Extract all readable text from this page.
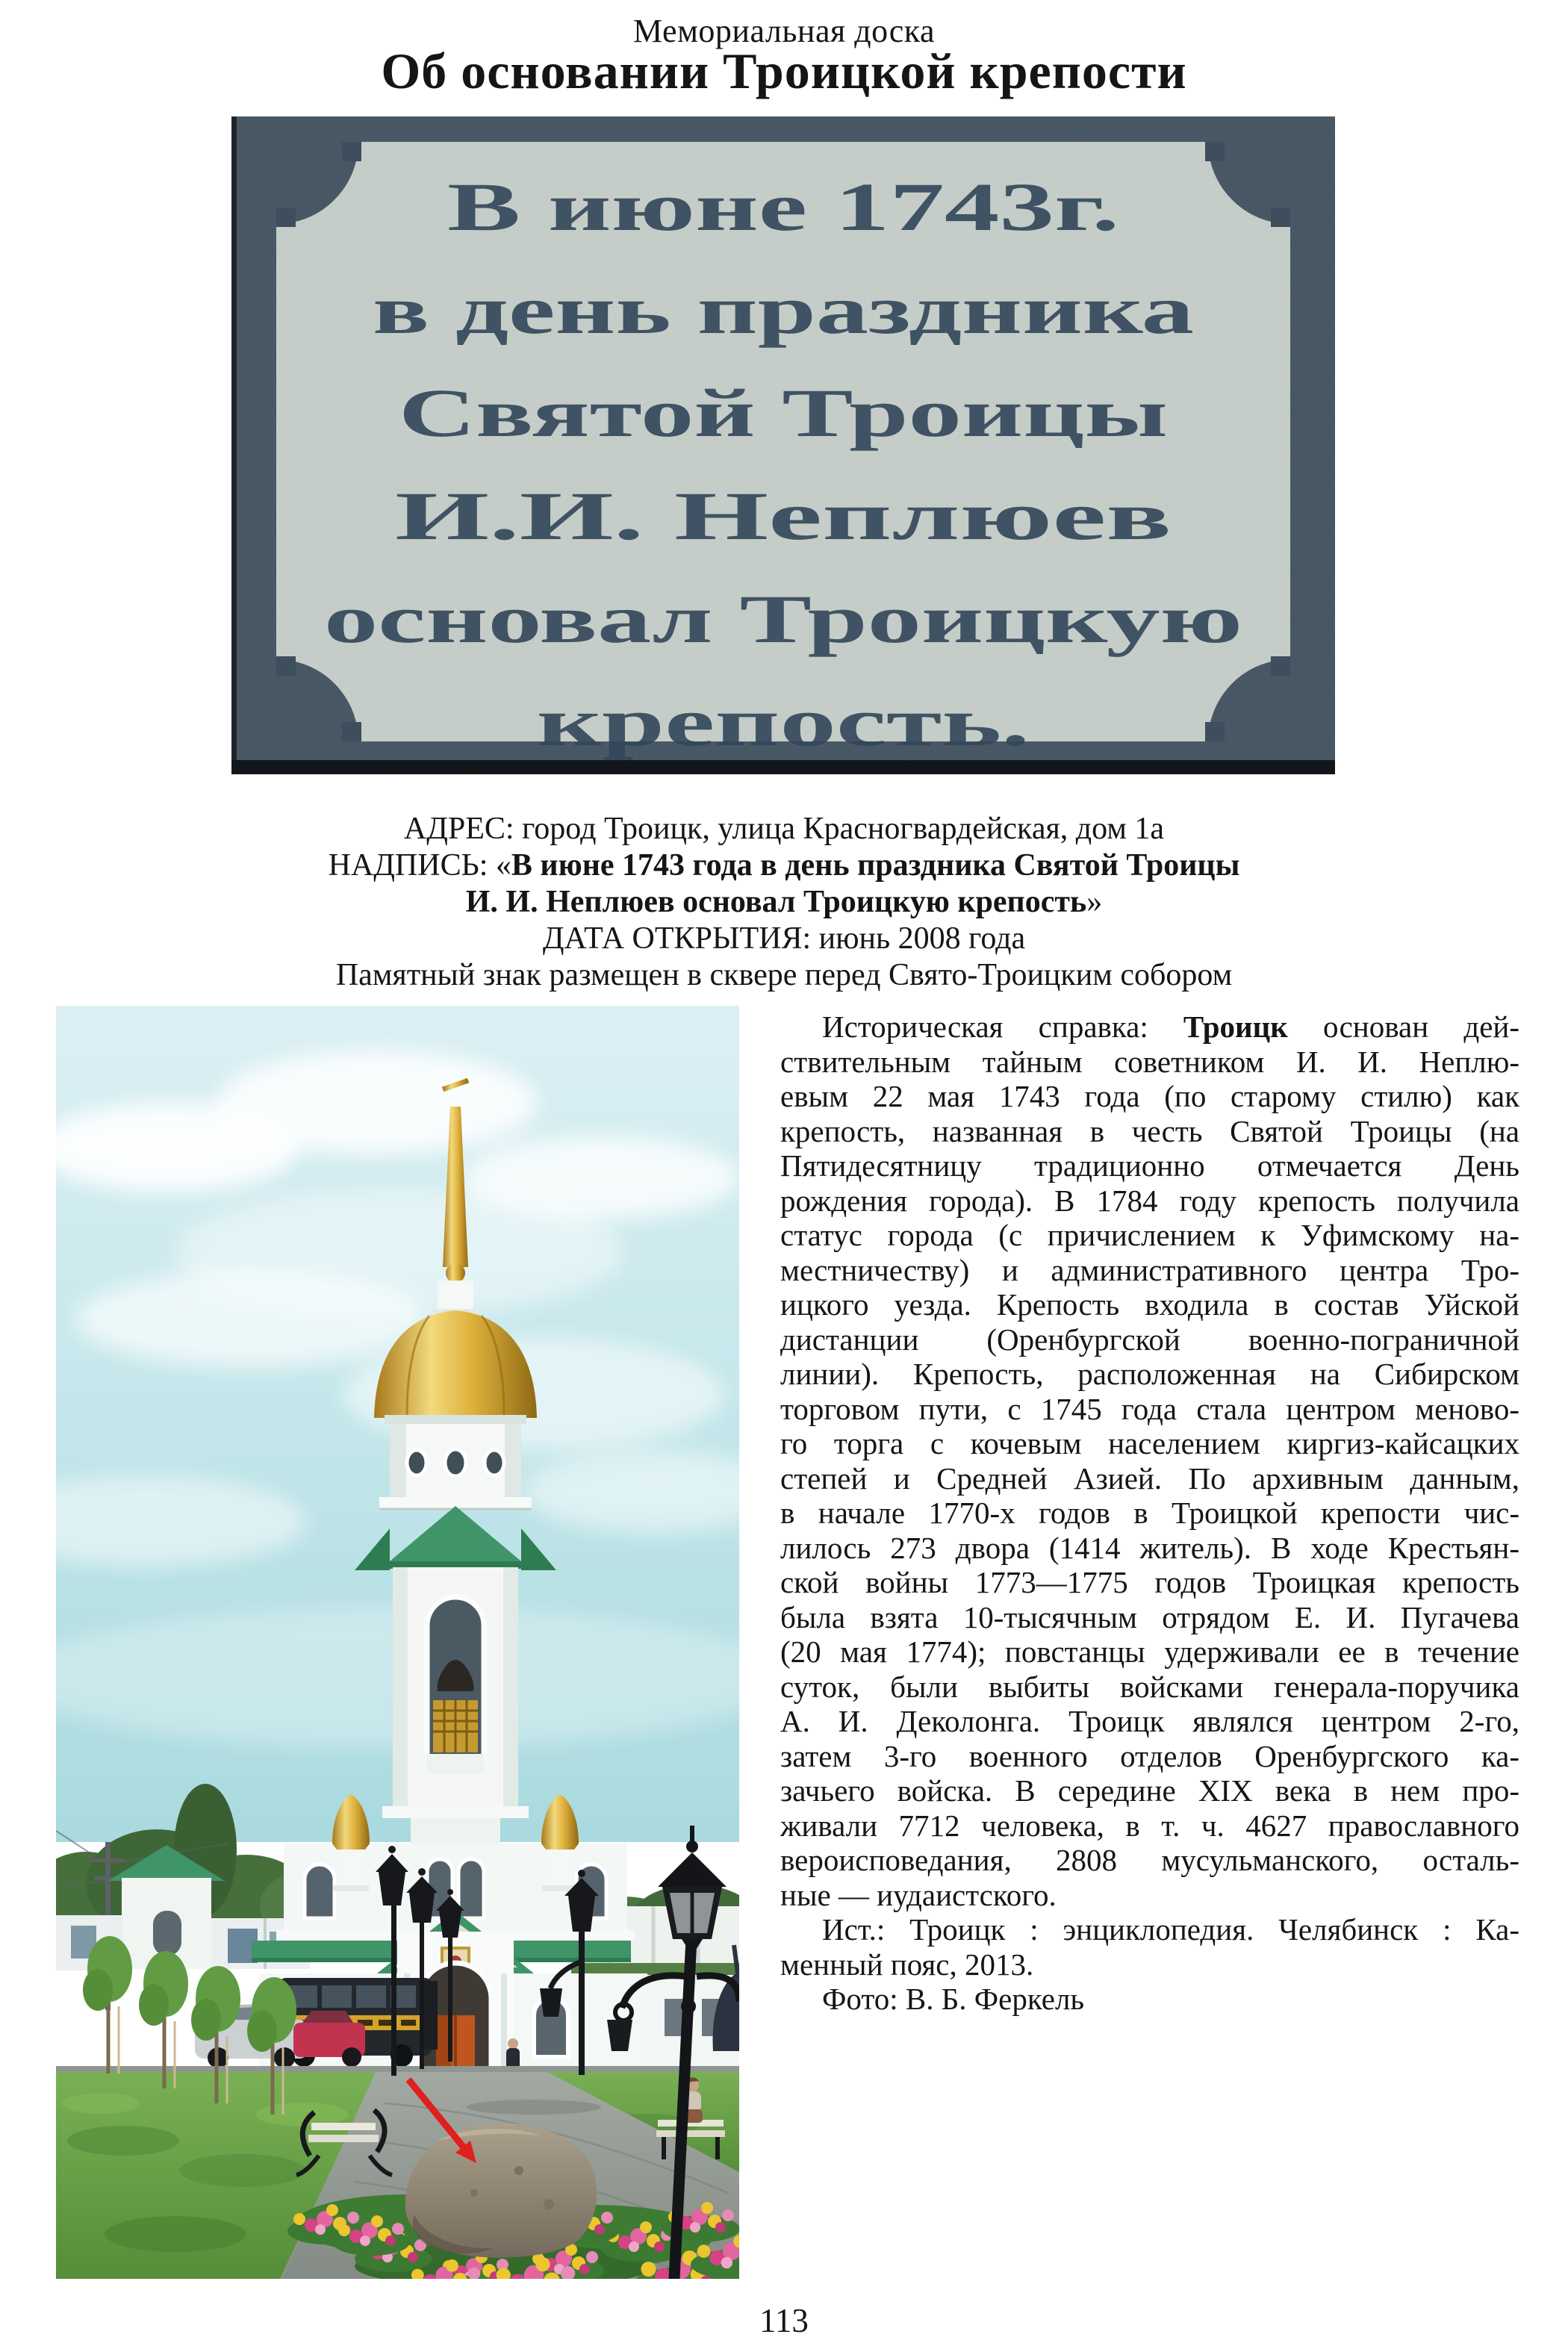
Мемориальная доска
Об основании Троицкой крепости
В июне 1743г.
в день праздника
Святой Троицы
И.И. Неплюев
основал Троицкую
крепость.
АДРЕС: город Троицк, улица Красногвардейская, дом 1а
НАДПИСЬ: «В июне 1743 года в день праздника Святой Троицы
И. И. Неплюев основал Троицкую крепость»
ДАТА ОТКРЫТИЯ: июнь 2008 года
Памятный знак размещен в сквере перед Свято-Троицким собором
Историческая справка: Троицк основан дей-
ствительным тайным советником И. И. Неплю-
евым 22 мая 1743 года (по старому стилю) как
крепость, названная в честь Святой Троицы (на
Пятидесятницу традиционно отмечается День
рождения города). В 1784 году крепость получила
статус города (с причислением к Уфимскому на-
местничеству) и административного центра Тро-
ицкого уезда. Крепость входила в состав Уйской
дистанции (Оренбургской военно-пограничной
линии). Крепость, расположенная на Сибирском
торговом пути, с 1745 года стала центром меново-
го торга с кочевым населением киргиз-кайсацких
степей и Средней Азией. По архивным данным,
в начале 1770-х годов в Троицкой крепости чис-
лилось 273 двора (1414 житель). В ходе Крестьян-
ской войны 1773—1775 годов Троицкая крепость
была взята 10-тысячным отрядом Е. И. Пугачева
(20 мая 1774); повстанцы удерживали ее в течение
суток, были выбиты войсками генерала-поручика
А. И. Деколонга. Троицк являлся центром 2-го,
затем 3-го военного отделов Оренбургского ка-
зачьего войска. В середине XIX века в нем про-
живали 7712 человека, в т. ч. 4627 православного
вероисповедания, 2808 мусульманского, осталь-
ные — иудаистского.
Ист.: Троицк : энциклопедия. Челябинск : Ка-
менный пояс, 2013.
Фото: В. Б. Феркель
113
